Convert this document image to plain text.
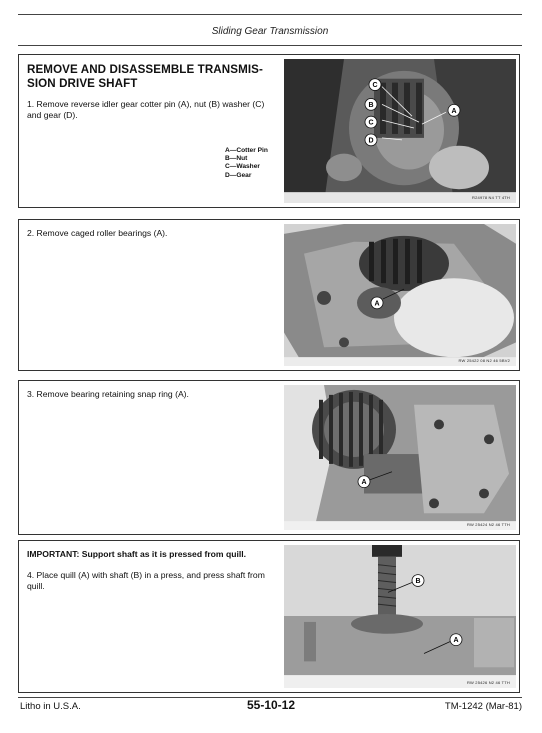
Sliding Gear Transmission
REMOVE AND DISASSEMBLE TRANSMIS-SION DRIVE SHAFT

1. Remove reverse idler gear cotter pin (A), nut (B) washer (C) and gear (D).

A—Cotter Pin
B—Nut
C—Washer
D—Gear
C
B
C
D
A
R24978 N4 TT 4TH

2. Remove caged roller bearings (A).

A
RW 25422 08 N2 46 5BV2

3. Remove bearing retaining snap ring (A).

A
RW 25424 N2 46 TTH

IMPORTANT: Support shaft as it is pressed from quill.

4. Place quill (A) with shaft (B) in a press, and press shaft from quill.	B
A
RW 25426 N2 46 TTH
Litho in U.S.A.	55-10-12	TM-1242 (Mar-81)
